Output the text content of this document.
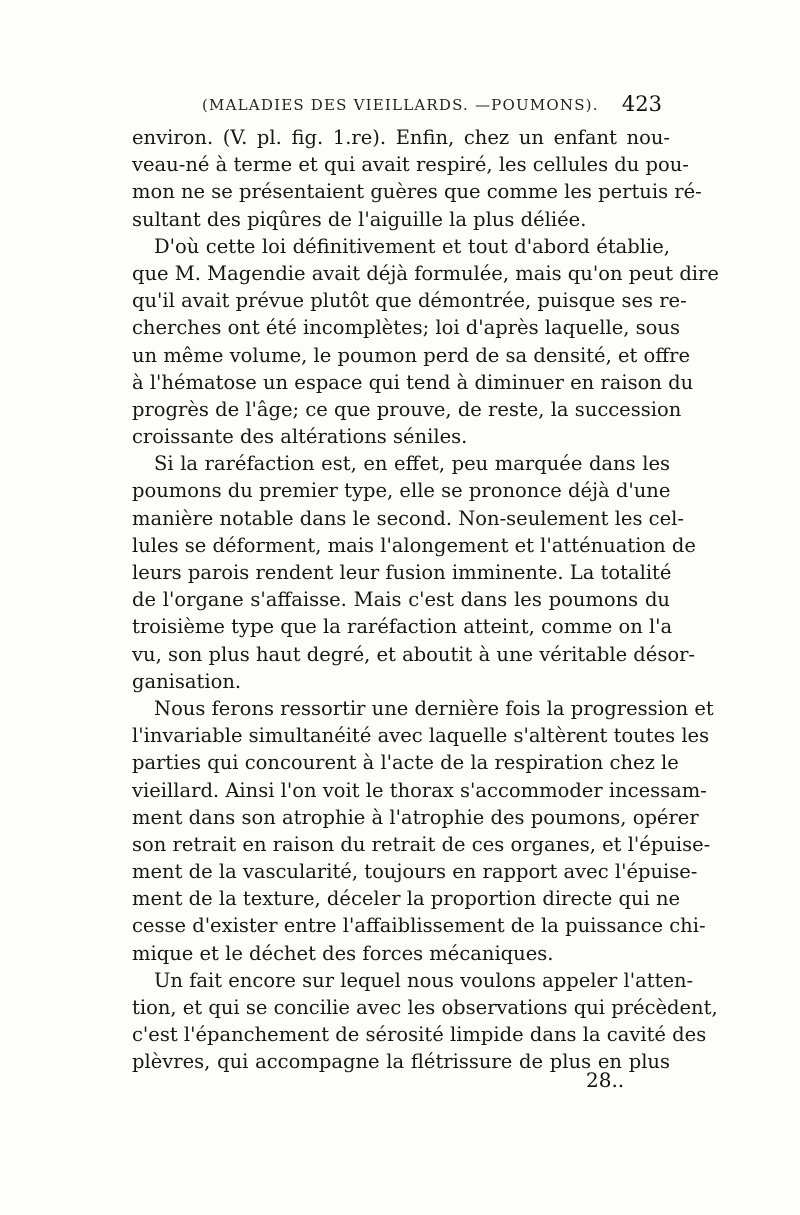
(MALADIES DES VIEILLARDS. —POUMONS). 423
environ. (V. pl. fig. 1.re). Enfin, chez un enfant nou-
veau-né à terme et qui avait respiré, les cellules du pou-
mon ne se présentaient guères que comme les pertuis ré-
sultant des piqûres de l'aiguille la plus déliée.
D'où cette loi définitivement et tout d'abord établie,
que M. Magendie avait déjà formulée, mais qu'on peut dire
qu'il avait prévue plutôt que démontrée, puisque ses re-
cherches ont été incomplètes; loi d'après laquelle, sous
un même volume, le poumon perd de sa densité, et offre
à l'hématose un espace qui tend à diminuer en raison du
progrès de l'âge; ce que prouve, de reste, la succession
croissante des altérations séniles.
Si la raréfaction est, en effet, peu marquée dans les
poumons du premier type, elle se prononce déjà d'une
manière notable dans le second. Non-seulement les cel-
lules se déforment, mais l'alongement et l'atténuation de
leurs parois rendent leur fusion imminente. La totalité
de l'organe s'affaisse. Mais c'est dans les poumons du
troisième type que la raréfaction atteint, comme on l'a
vu, son plus haut degré, et aboutit à une véritable désor-
ganisation.
Nous ferons ressortir une dernière fois la progression et
l'invariable simultanéité avec laquelle s'altèrent toutes les
parties qui concourent à l'acte de la respiration chez le
vieillard. Ainsi l'on voit le thorax s'accommoder incessam-
ment dans son atrophie à l'atrophie des poumons, opérer
son retrait en raison du retrait de ces organes, et l'épuise-
ment de la vascularité, toujours en rapport avec l'épuise-
ment de la texture, déceler la proportion directe qui ne
cesse d'exister entre l'affaiblissement de la puissance chi-
mique et le déchet des forces mécaniques.
Un fait encore sur lequel nous voulons appeler l'atten-
tion, et qui se concilie avec les observations qui précèdent,
c'est l'épanchement de sérosité limpide dans la cavité des
plèvres, qui accompagne la flétrissure de plus en plus
28..
